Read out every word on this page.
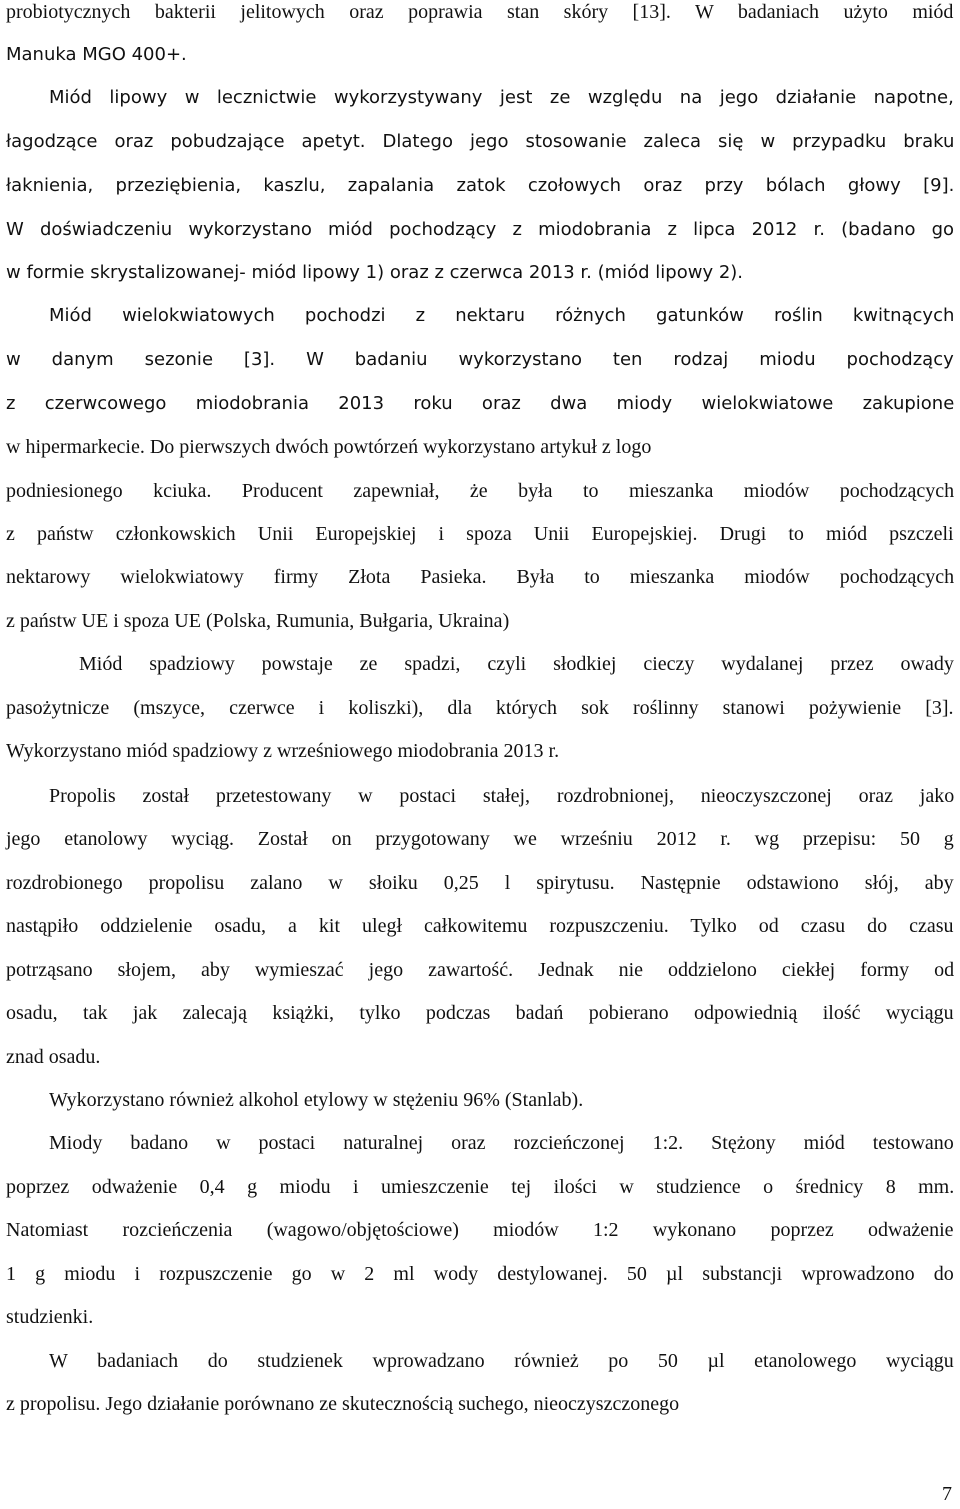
probiotycznych bakterii jelitowych oraz poprawia stan skóry [13]. W badaniach użyto miód
Manuka MGO 400+.
Miód lipowy w lecznictwie wykorzystywany jest ze względu na jego działanie napotne,
łagodzące oraz pobudzające apetyt. Dlatego jego stosowanie zaleca się w przypadku braku
łaknienia, przeziębienia, kaszlu, zapalania zatok czołowych oraz przy bólach głowy [9].
W doświadczeniu wykorzystano miód pochodzący z miodobrania z lipca 2012 r. (badano go
w formie skrystalizowanej- miód lipowy 1) oraz z czerwca 2013 r. (miód lipowy 2).
Miód wielokwiatowych pochodzi z nektaru różnych gatunków roślin kwitnących
w danym sezonie [3]. W badaniu wykorzystano ten rodzaj miodu pochodzący
z czerwcowego miodobrania 2013 roku oraz dwa miody wielokwiatowe zakupione
w hipermarkecie. Do pierwszych dwóch powtórzeń wykorzystano artykuł z logo
podniesionego kciuka. Producent zapewniał, że była to mieszanka miodów pochodzących
z państw członkowskich Unii Europejskiej i spoza Unii Europejskiej. Drugi to miód pszczeli
nektarowy wielokwiatowy firmy Złota Pasieka. Była to mieszanka miodów pochodzących
z państw UE i spoza UE (Polska, Rumunia, Bułgaria, Ukraina)
Miód spadziowy powstaje ze spadzi, czyli słodkiej cieczy wydalanej przez owady
pasożytnicze (mszyce, czerwce i koliszki), dla których sok roślinny stanowi pożywienie [3].
Wykorzystano miód spadziowy z wrześniowego miodobrania 2013 r.
Propolis został przetestowany w postaci stałej, rozdrobnionej, nieoczyszczonej oraz jako
jego etanolowy wyciąg. Został on przygotowany we wrześniu 2012 r. wg przepisu: 50 g
rozdrobionego propolisu zalano w słoiku 0,25 l spirytusu. Następnie odstawiono słój, aby
nastąpiło oddzielenie osadu, a kit uległ całkowitemu rozpuszczeniu. Tylko od czasu do czasu
potrząsano słojem, aby wymieszać jego zawartość. Jednak nie oddzielono ciekłej formy od
osadu, tak jak zalecają książki, tylko podczas badań pobierano odpowiednią ilość wyciągu
znad osadu.
Wykorzystano również alkohol etylowy w stężeniu 96% (Stanlab).
Miody badano w postaci naturalnej oraz rozcieńczonej 1:2. Stężony miód testowano
poprzez odważenie 0,4 g miodu i umieszczenie tej ilości w studzience o średnicy 8 mm.
Natomiast rozcieńczenia (wagowo/objętościowe) miodów 1:2 wykonano poprzez odważenie
1 g miodu i rozpuszczenie go w 2 ml wody destylowanej. 50 µl substancji wprowadzono do
studzienki.
W badaniach do studzienek wprowadzano również po 50 µl etanolowego wyciągu
z propolisu. Jego działanie porównano ze skutecznością suchego, nieoczyszczonego
7
